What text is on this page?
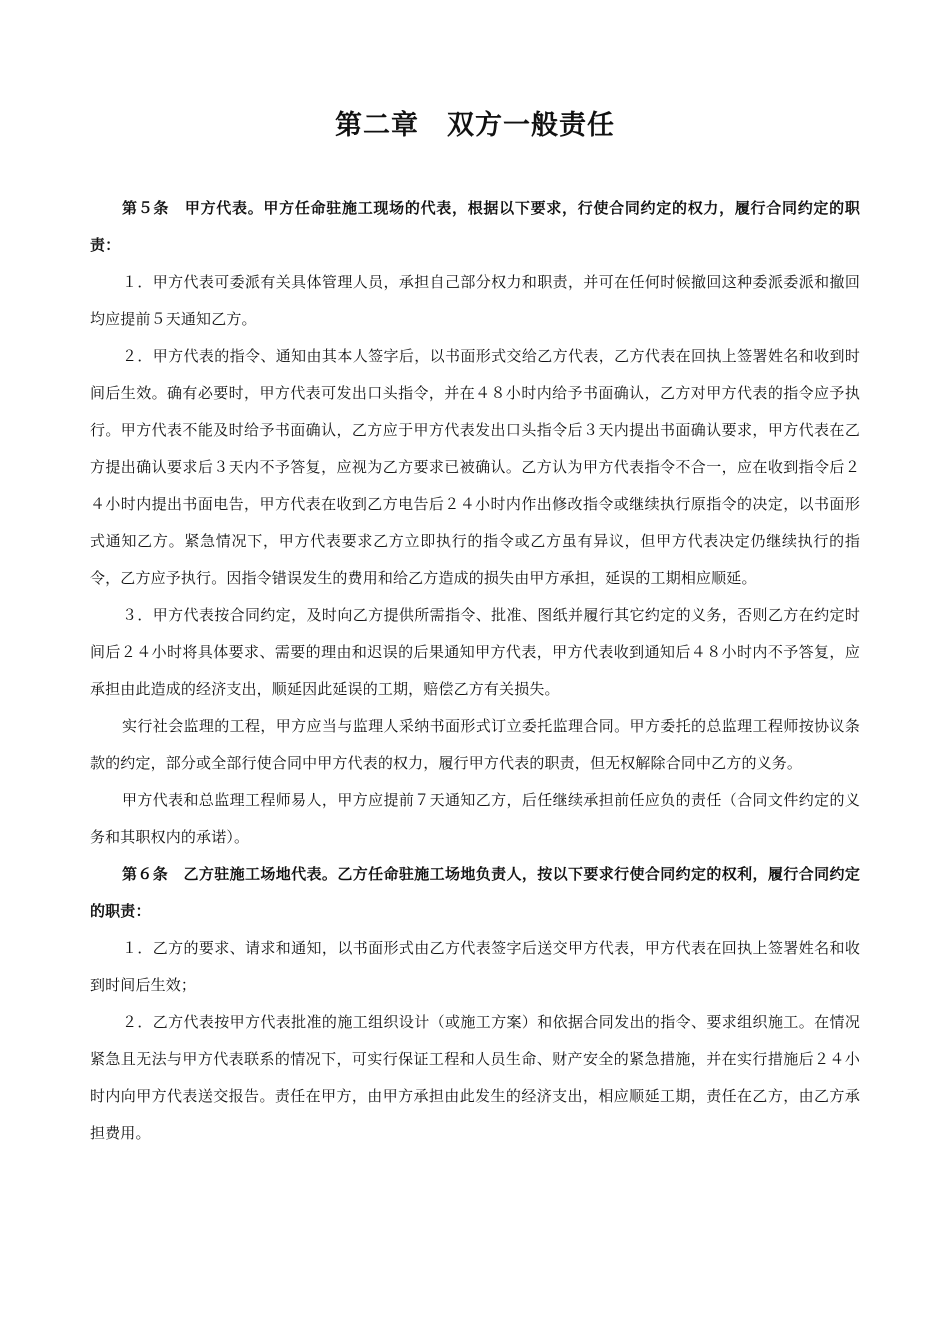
第二章　双方一般责任

第５条　甲方代表。甲方任命驻施工现场的代表，根据以下要求，行使合同约定的权力，履行合同约定的职责：

１．甲方代表可委派有关具体管理人员，承担自己部分权力和职责，并可在任何时候撤回这种委派委派和撤回均应提前５天通知乙方。

２．甲方代表的指令、通知由其本人签字后，以书面形式交给乙方代表，乙方代表在回执上签署姓名和收到时间后生效。确有必要时，甲方代表可发出口头指令，并在４８小时内给予书面确认，乙方对甲方代表的指令应予执行。甲方代表不能及时给予书面确认，乙方应于甲方代表发出口头指令后３天内提出书面确认要求，甲方代表在乙方提出确认要求后３天内不予答复，应视为乙方要求已被确认。乙方认为甲方代表指令不合一，应在收到指令后２４小时内提出书面电告，甲方代表在收到乙方电告后２４小时内作出修改指令或继续执行原指令的决定，以书面形式通知乙方。紧急情况下，甲方代表要求乙方立即执行的指令或乙方虽有异议，但甲方代表决定仍继续执行的指令，乙方应予执行。因指令错误发生的费用和给乙方造成的损失由甲方承担，延误的工期相应顺延。

３．甲方代表按合同约定，及时向乙方提供所需指令、批准、图纸并履行其它约定的义务，否则乙方在约定时间后２４小时将具体要求、需要的理由和迟误的后果通知甲方代表，甲方代表收到通知后４８小时内不予答复，应承担由此造成的经济支出，顺延因此延误的工期，赔偿乙方有关损失。

实行社会监理的工程，甲方应当与监理人采纳书面形式订立委托监理合同。甲方委托的总监理工程师按协议条款的约定，部分或全部行使合同中甲方代表的权力，履行甲方代表的职责，但无权解除合同中乙方的义务。

甲方代表和总监理工程师易人，甲方应提前７天通知乙方，后任继续承担前任应负的责任（合同文件约定的义务和其职权内的承诺）。

第６条　乙方驻施工场地代表。乙方任命驻施工场地负责人，按以下要求行使合同约定的权利，履行合同约定的职责：

１．乙方的要求、请求和通知，以书面形式由乙方代表签字后送交甲方代表，甲方代表在回执上签署姓名和收到时间后生效；

２．乙方代表按甲方代表批准的施工组织设计（或施工方案）和依据合同发出的指令、要求组织施工。在情况紧急且无法与甲方代表联系的情况下，可实行保证工程和人员生命、财产安全的紧急措施，并在实行措施后２４小时内向甲方代表送交报告。责任在甲方，由甲方承担由此发生的经济支出，相应顺延工期，责任在乙方，由乙方承担费用。
